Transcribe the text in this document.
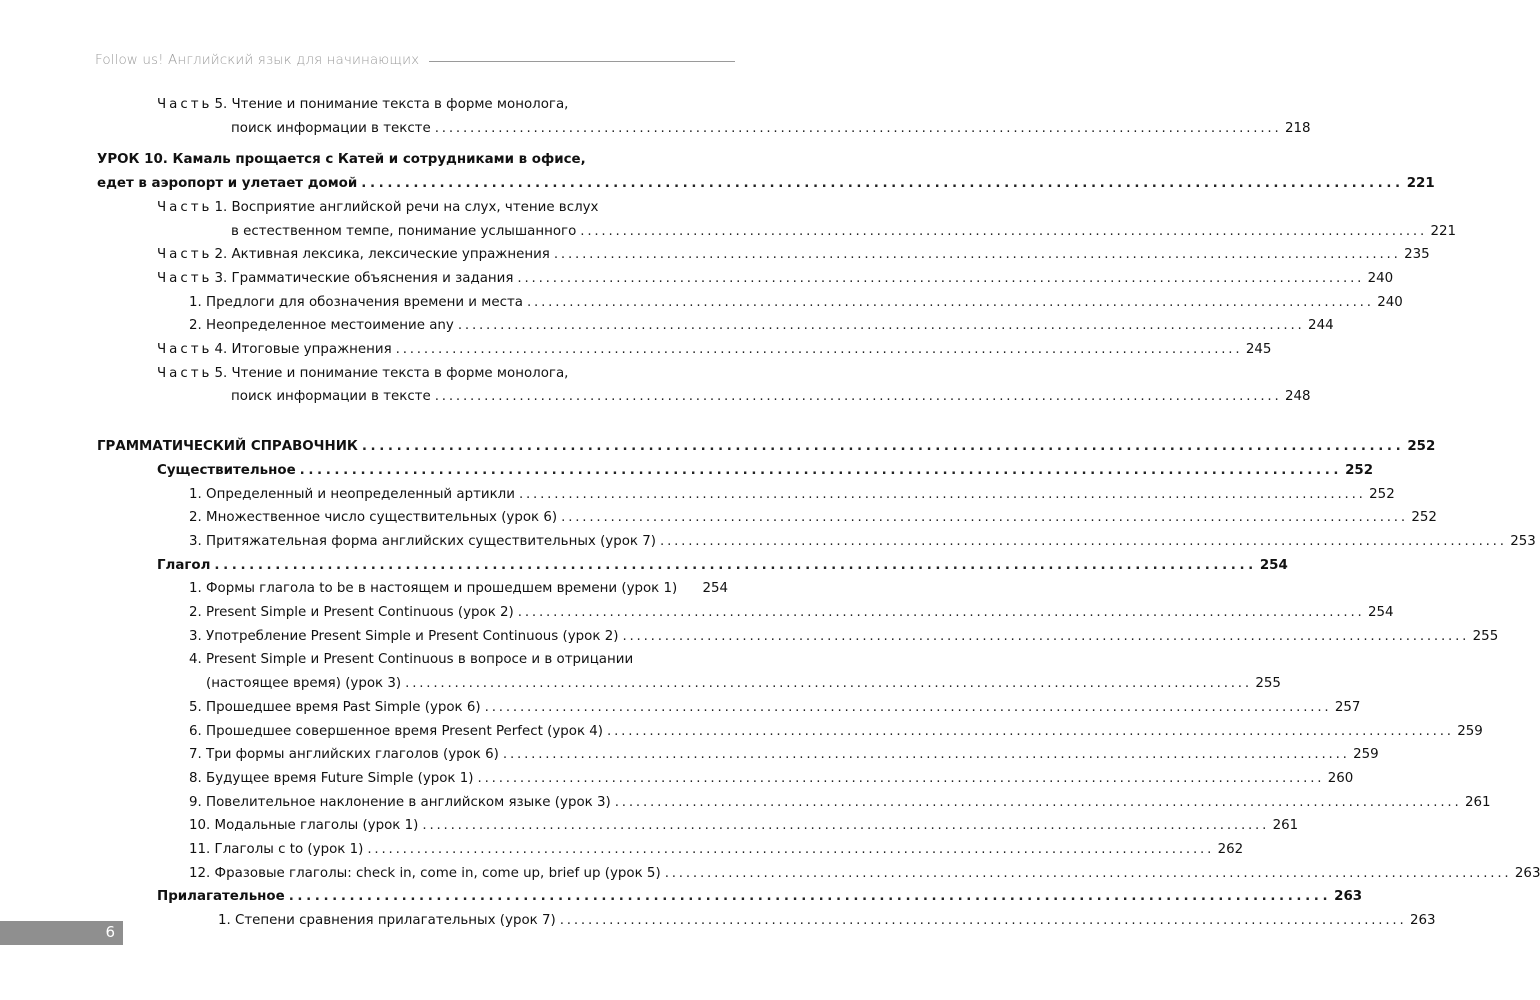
Follow us! Английский язык для начинающих
Часть 5. Чтение и понимание текста в форме монолога,
поиск информации в тексте ........................................................................................................................ 218
УРОК 10. Камаль прощается с Катей и сотрудниками в офисе,
едет в аэропорт и улетает домой ........................................................................................................................ 221
Часть 1. Восприятие английской речи на слух, чтение вслух
в естественном темпе, понимание услышанного ........................................................................................................................ 221
Часть 2. Активная лексика, лексические упражнения ........................................................................................................................ 235
Часть 3. Грамматические объяснения и задания ........................................................................................................................ 240
1. Предлоги для обозначения времени и места ........................................................................................................................ 240
2. Неопределенное местоимение any ........................................................................................................................ 244
Часть 4. Итоговые упражнения ........................................................................................................................ 245
Часть 5. Чтение и понимание текста в форме монолога,
поиск информации в тексте ........................................................................................................................ 248
ГРАММАТИЧЕСКИЙ СПРАВОЧНИК ........................................................................................................................ 252
Существительное ........................................................................................................................ 252
1. Определенный и неопределенный артикли ........................................................................................................................ 252
2. Множественное число существительных (урок 6) ........................................................................................................................ 252
3. Притяжательная форма английских существительных (урок 7) ........................................................................................................................ 253
Глагол ........................................................................................................................ 254
1. Формы глагола to be в настоящем и прошедшем времени (урок 1) 254
2. Present Simple и Present Continuous (урок 2) ........................................................................................................................ 254
3. Употребление Present Simple и Present Continuous (урок 2) ........................................................................................................................ 255
4. Present Simple и Present Continuous в вопросе и в отрицании
(настоящее время) (урок 3) ........................................................................................................................ 255
5. Прошедшее время Past Simple (урок 6) ........................................................................................................................ 257
6. Прошедшее совершенное время Present Perfect (урок 4) ........................................................................................................................ 259
7. Три формы английских глаголов (урок 6) ........................................................................................................................ 259
8. Будущее время Future Simple (урок 1) ........................................................................................................................ 260
9. Повелительное наклонение в английском языке (урок 3) ........................................................................................................................ 261
10. Модальные глаголы (урок 1) ........................................................................................................................ 261
11. Глаголы с to (урок 1) ........................................................................................................................ 262
12. Фразовые глаголы: check in, come in, come up, brief up (урок 5) ........................................................................................................................ 263
Прилагательное ........................................................................................................................ 263
1. Степени сравнения прилагательных (урок 7) ........................................................................................................................ 263
6
